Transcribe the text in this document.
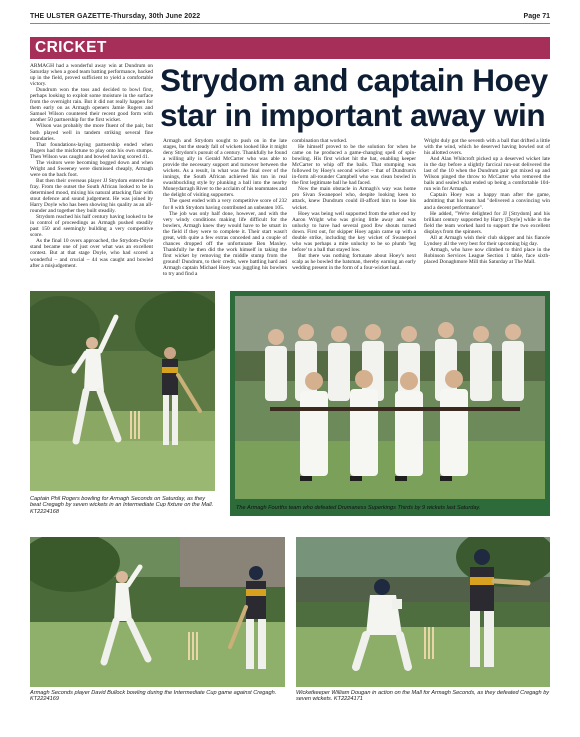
THE ULSTER GAZETTE-Thursday, 30th June 2022	Page 71
CRICKET
Strydom and captain Hoey
star in important away win

ARMAGH had a wonderful away win at Dundrum on Saturday when a good team batting performance, backed up in the field, proved sufficient to yield a comfortable victory.

Dundrum won the toss and decided to bowl first, perhaps looking to exploit some moisture in the surface from the overnight rain. But it did not really happen for them early on as Armagh openers Jamie Rogers and Samuel Wilson countered their recent good form with another 50 partnership for the first wicket.

Wilson was probably the more fluent of the pair, but both played well in tandem striking several fine boundaries.

That foundations-laying partnership ended when Rogers had the misfortune to play onto his own stumps. Then Wilson was caught and bowled having scored 41.

The visitors were becoming bogged down and when Wright and Sweeney were dismissed cheaply, Armagh were on the back foot.

But then their overseas player JJ Strydom entered the fray. From the outset the South African looked to be in determined mood, mixing his natural attacking flair with stout defence and sound judgement. He was joined by Harry Doyle who has been showing his quality as an all-rounder and together they built steadily.

Strydom reached his half century having looked to be in control of proceedings as Armagh pushed steadily past 150 and seemingly building a very competitive score.

As the final 10 overs approached, the Strydom-Doyle stand became one of just over what was an excellent contest. But at that stage Doyle, who had scored a wonderful – and crucial – 44 was caught and bowled after a misjudgement.

Armagh and Strydom sought to push on in the late stages, but the steady fall of wickets looked like it might deny Strydom's pursuit of a century. Thankfully he found a willing ally in Gerald McCarter who was able to provide the necessary support and turnover between the wickets. As a result, in what was the final over of the innings, the South African achieved his ton in real swashbuckling style by plunking a ball into the nearby Moneydarragh River to the acclaim of his teammates and the delight of visiting supporters.

The quest ended with a very competitive score of 232 for 8 with Strydom having contributed an unbeaten 105.

The job was only half done, however, and with the very windy conditions making life difficult for the bowlers, Armagh knew they would have to be smart in the field if they were to complete it. Their start wasn't great, with quite a few extras conceded and a couple of chances dropped off the unfortunate Ben Maxley. Thankfully he then did the work himself in taking the first wicket by removing the middle stump from the ground! Dundrum, to their credit, were battling hard and Armagh captain Michael Hoey was juggling his bowlers to try and find a

combination that worked.

He himself proved to be the solution for when he came on he produced a game-changing spell of spin-bowling. His first wicket hit the bat, enabling keeper McCarter to whip off the bails. That stumping was followed by Hoey's second wicket – that of Dundrum's in-form all-rounder Campbell who was clean bowled in the first legitimate ball he had faced.

Now the main obstacle in Armagh's way was home pro Sivan Swanepoel who, despite looking keen to attack, knew Dundrum could ill-afford him to lose his wicket.

Hoey was being well supported from the other end by Aaron Wright who was giving little away and was unlucky to have had several good lbw shouts turned down. First out, for skipper Hoey again came up with a double strike, including the key wicket of Swanepoel who was perhaps a mite unlucky to be so plumb 'leg before' to a ball that stayed low.

But there was nothing fortunate about Hoey's next scalp as he bowled the batsman, thereby earning an early wedding present in the form of a four-wicket haul.

Wright duly got the seventh with a ball that drifted a little with the wind, which he deserved having bowled out of his allotted overs.

And Alan Whitcroft picked up a deserved wicket late in the day before a slightly farcical run-out delivered the last of the 10 when the Dundrum pair got mixed up and Wilson pinged the throw to McCarter who removed the bails and sealed what ended up being a comfortable 104-run win for Armagh.

Captain Hoey was a happy man after the game, admitting that his team had "delivered a convincing win and a decent performance".

He added, "We're delighted for JJ [Strydom] and his brilliant century supported by Harry [Doyle] while in the field the team worked hard to support the two excellent displays from the spinners.

All at Armagh wish their club skipper and his fiancée Lyndsey all the very best for their upcoming big day.

Armagh, who have now climbed to third place in the Robinson Services League Section 1 table, face sixth-placed Donaghmore Mill this Saturday at The Mall.

Captain Phil Rogers bowling for Armagh Seconds on Saturday, as they beat Cregagh by seven wickets in an Intermediate Cup fixture on the Mall. KT2224168
The Armagh Fourths team who defeated Drumaness Superkings Thirds by 9 wickets last Saturday.
Armagh Seconds player David Bullock bowling during the Intermediate Cup game against Cregagh. KT2224169
Wicketkeeper William Dougan in action on the Mall for Armagh Seconds, as they defeated Cregagh by seven wickets. KT2224171
